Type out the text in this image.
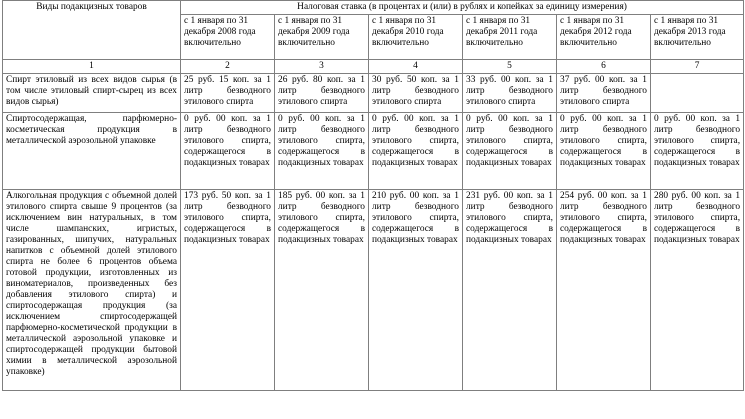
Виды подакцизных товаров	Налоговая ставка (в процентах и (или) в рублях и копейках за единицу измерения)					
	с 1 января по 31 декабря 2008 года включительно	с 1 января по 31 декабря 2009 года включительно	с 1 января по 31 декабря 2010 года включительно	с 1 января по 31 декабря 2011 года включительно	с 1 января по 31 декабря 2012 года включительно	с 1 января по 31 декабря 2013 года включительно
1	2	3	4	5	6	7
Спирт этиловый из всех видов сырья (в том числе этиловый спирт-сырец из всех видов сырья)	25 руб. 15 коп. за 1 литр безводного этилового спирта	26 руб. 80 коп. за 1 литр безводного этилового спирта	30 руб. 50 коп. за 1 литр безводного этилового спирта	33 руб. 00 коп. за 1 литр безводного этилового спирта	37 руб. 00 коп. за 1 литр безводного этилового спирта	
Спиртосодержащая, парфюмерно-косметическая продукция в металлической аэрозольной упаковке	0 руб. 00 коп. за 1 литр безводного этилового спирта, содержащегося в подакцизных товарах	0 руб. 00 коп. за 1 литр безводного этилового спирта, содержащегося в подакцизных товарах	0 руб. 00 коп. за 1 литр безводного этилового спирта, содержащегося в подакцизных товарах	0 руб. 00 коп. за 1 литр безводного этилового спирта, содержащегося в подакцизных товарах	0 руб. 00 коп. за 1 литр безводного этилового спирта, содержащегося в подакцизных товарах	0 руб. 00 коп. за 1 литр безводного этилового спирта, содержащегося в подакцизных товарах
Алкогольная продукция с объемной долей этилового спирта свыше 9 процентов (за исключением вин натуральных, в том числе шампанских, игристых, газированных, шипучих, натуральных напитков с объемной долей этилового спирта не более 6 процентов объема готовой продукции, изготовленных из виноматериалов, произведенных без добавления этилового спирта) и спиртосодержащая продукция (за исключением спиртосодержащей парфюмерно-косметической продукции в металлической аэрозольной упаковке и спиртосодержащей продукции бытовой химии в металлической аэрозольной упаковке)	173 руб. 50 коп. за 1 литр безводного этилового спирта, содержащегося в подакцизных товарах	185 руб. 00 коп. за 1 литр безводного этилового спирта, содержащегося в подакцизных товарах	210 руб. 00 коп. за 1 литр безводного этилового спирта, содержащегося в подакцизных товарах	231 руб. 00 коп. за 1 литр безводного этилового спирта, содержащегося в подакцизных товарах	254 руб. 00 коп. за 1 литр безводного этилового спирта, содержащегося в подакцизных товарах	280 руб. 00 коп. за 1 литр безводного этилового спирта, содержащегося в подакцизных товарах
